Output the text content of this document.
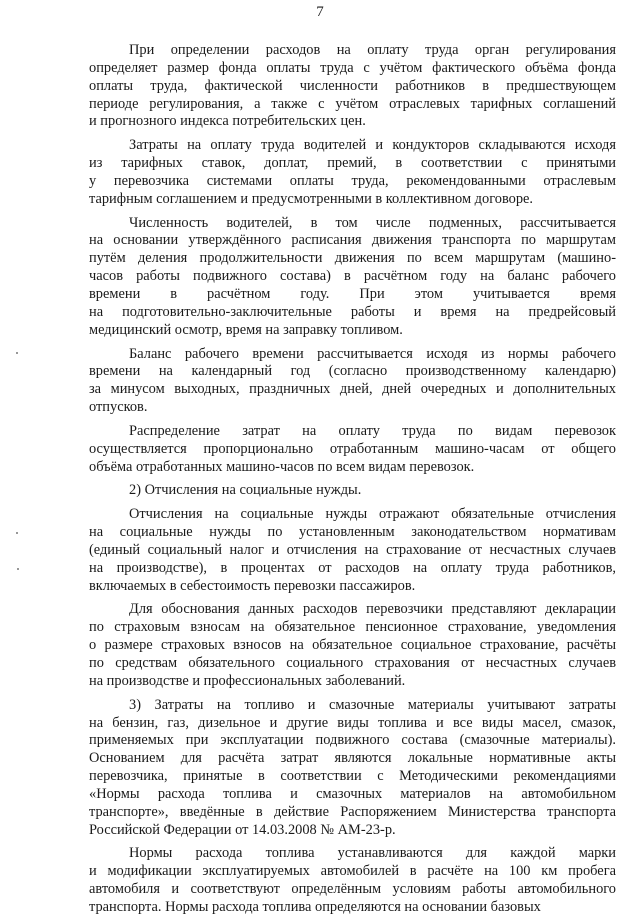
7
При определении расходов на оплату труда орган регулирования
определяет размер фонда оплаты труда с учётом фактического объёма фонда
оплаты труда, фактической численности работников в предшествующем
периоде регулирования, а также с учётом отраслевых тарифных соглашений
и прогнозного индекса потребительских цен.
Затраты на оплату труда водителей и кондукторов складываются исходя
из тарифных ставок, доплат, премий, в соответствии с принятыми
у перевозчика системами оплаты труда, рекомендованными отраслевым
тарифным соглашением и предусмотренными в коллективном договоре.
Численность водителей, в том числе подменных, рассчитывается
на основании утверждённого расписания движения транспорта по маршрутам
путём деления продолжительности движения по всем маршрутам (машино-
часов работы подвижного состава) в расчётном году на баланс рабочего
времени в расчётном году. При этом учитывается время
на подготовительно-заключительные работы и время на предрейсовый
медицинский осмотр, время на заправку топливом.
Баланс рабочего времени рассчитывается исходя из нормы рабочего
времени на календарный год (согласно производственному календарю)
за минусом выходных, праздничных дней, дней очередных и дополнительных
отпусков.
Распределение затрат на оплату труда по видам перевозок
осуществляется пропорционально отработанным машино-часам от общего
объёма отработанных машино-часов по всем видам перевозок.
2) Отчисления на социальные нужды.
Отчисления на социальные нужды отражают обязательные отчисления
на социальные нужды по установленным законодательством нормативам
(единый социальный налог и отчисления на страхование от несчастных случаев
на производстве), в процентах от расходов на оплату труда работников,
включаемых в себестоимость перевозки пассажиров.
Для обоснования данных расходов перевозчики представляют декларации
по страховым взносам на обязательное пенсионное страхование, уведомления
о размере страховых взносов на обязательное социальное страхование, расчёты
по средствам обязательного социального страхования от несчастных случаев
на производстве и профессиональных заболеваний.
3) Затраты на топливо и смазочные материалы учитывают затраты
на бензин, газ, дизельное и другие виды топлива и все виды масел, смазок,
применяемых при эксплуатации подвижного состава (смазочные материалы).
Основанием для расчёта затрат являются локальные нормативные акты
перевозчика, принятые в соответствии с Методическими рекомендациями
«Нормы расхода топлива и смазочных материалов на автомобильном
транспорте», введённые в действие Распоряжением Министерства транспорта
Российской Федерации от 14.03.2008 № АМ-23-р.
Нормы расхода топлива устанавливаются для каждой марки
и модификации эксплуатируемых автомобилей в расчёте на 100 км пробега
автомобиля и соответствуют определённым условиям работы автомобильного
транспорта. Нормы расхода топлива определяются на основании базовых
